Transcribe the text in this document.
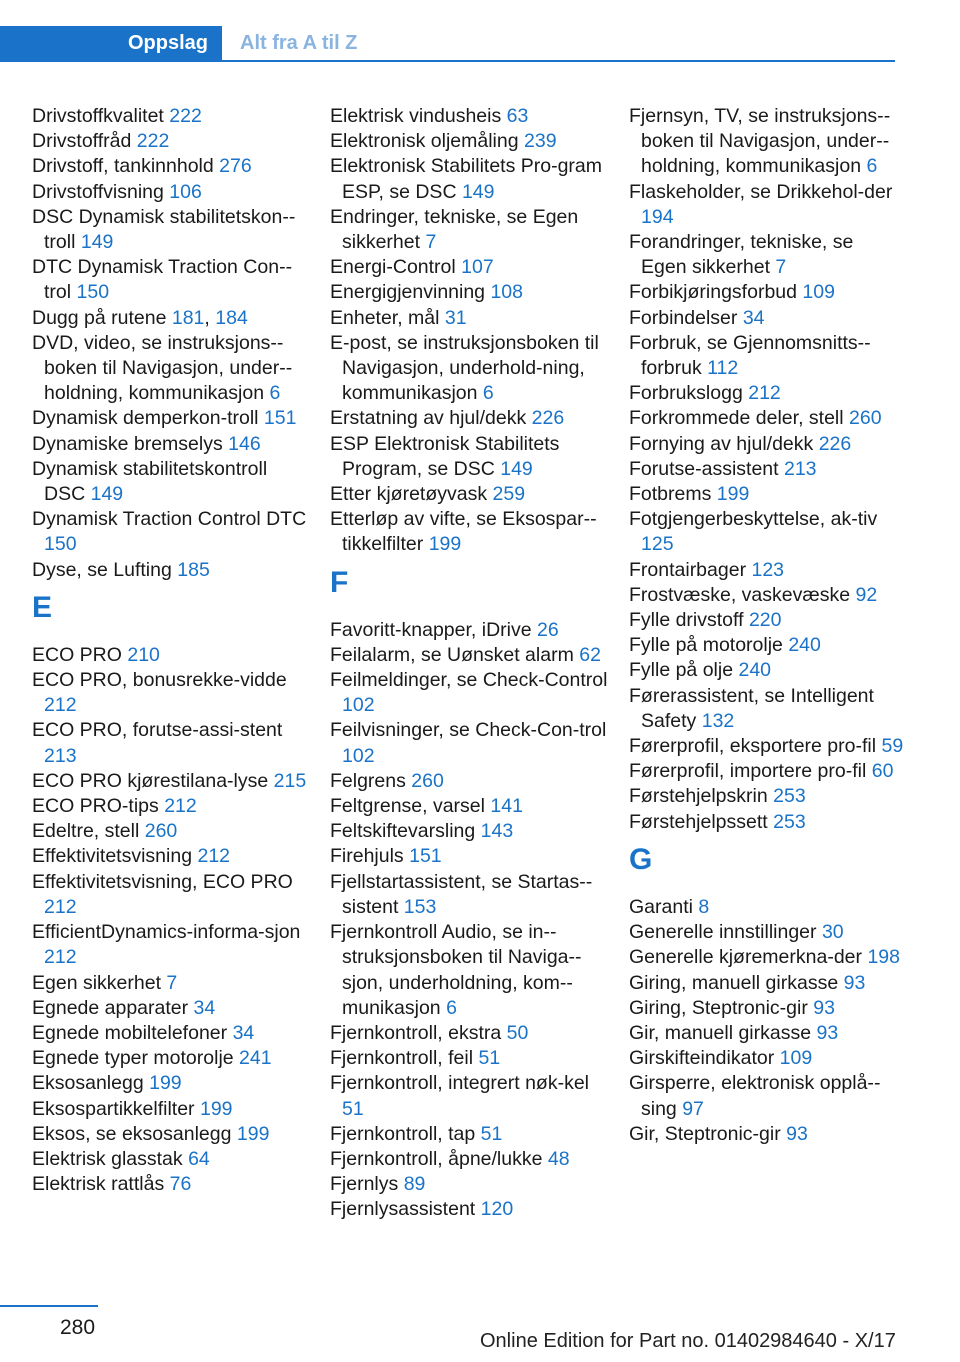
Oppslag	Alt fra A til Z

Drivstoffkvalitet 222

Drivstoffråd 222

Drivstoff, tankinnhold 276

Drivstoffvisning 106

DSC Dynamisk stabilitetskon-troll 149

DTC Dynamisk Traction Con-trol 150

Dugg på rutene 181, 184

DVD, video, se instruksjons-boken til Navigasjon, under-holdning, kommunikasjon 6

Dynamisk demperkon-troll 151

Dynamiske bremselys 146

Dynamisk stabilitetskontroll DSC 149

Dynamisk Traction Control DTC 150

Dyse, se Lufting 185

E

ECO PRO 210

ECO PRO, bonusrekke-vidde 212

ECO PRO, forutse-assi-stent 213

ECO PRO kjørestilana-lyse 215

ECO PRO-tips 212

Edeltre, stell 260

Effektivitetsvisning 212

Effektivitetsvisning, ECO PRO 212

EfficientDynamics-informa-sjon 212

Egen sikkerhet 7

Egnede apparater 34

Egnede mobiltelefoner 34

Egnede typer motorolje 241

Eksosanlegg 199

Eksospartikkelfilter 199

Eksos, se eksosanlegg 199

Elektrisk glasstak 64

Elektrisk rattlås 76

Elektrisk vindusheis 63

Elektronisk oljemåling 239

Elektronisk Stabilitets Pro-gram ESP, se DSC 149

Endringer, tekniske, se Egen sikkerhet 7

Energi-Control 107

Energigjenvinning 108

Enheter, mål 31

E-post, se instruksjonsboken til Navigasjon, underhold-ning, kommunikasjon 6

Erstatning av hjul/dekk 226

ESP Elektronisk Stabilitets Program, se DSC 149

Etter kjøretøyvask 259

Etterløp av vifte, se Eksospar-tikkelfilter 199

F

Favoritt-knapper, iDrive 26

Feilalarm, se Uønsket alarm 62

Feilmeldinger, se Check-Control 102

Feilvisninger, se Check-Con-trol 102

Felgrens 260

Feltgrense, varsel 141

Feltskiftevarsling 143

Firehjuls 151

Fjellstartassistent, se Startas-sistent 153

Fjernkontroll Audio, se in-struksjonsboken til Naviga-sjon, underholdning, kom-munikasjon 6

Fjernkontroll, ekstra 50

Fjernkontroll, feil 51

Fjernkontroll, integrert nøk-kel 51

Fjernkontroll, tap 51

Fjernkontroll, åpne/lukke 48

Fjernlys 89

Fjernlysassistent 120

Fjernsyn, TV, se instruksjons-boken til Navigasjon, under-holdning, kommunikasjon 6

Flaskeholder, se Drikkehol-der 194

Forandringer, tekniske, se Egen sikkerhet 7

Forbikjøringsforbud 109

Forbindelser 34

Forbruk, se Gjennomsnitts-forbruk 112

Forbrukslogg 212

Forkrommede deler, stell 260

Fornying av hjul/dekk 226

Forutse-assistent 213

Fotbrems 199

Fotgjengerbeskyttelse, ak-tiv 125

Frontairbager 123

Frostvæske, vaskevæske 92

Fylle drivstoff 220

Fylle på motorolje 240

Fylle på olje 240

Førerassistent, se Intelligent Safety 132

Førerprofil, eksportere pro-fil 59

Førerprofil, importere pro-fil 60

Førstehjelpskrin 253

Førstehjelpssett 253

G

Garanti 8

Generelle innstillinger 30

Generelle kjøremerkna-der 198

Giring, manuell girkasse 93

Giring, Steptronic-gir 93

Gir, manuell girkasse 93

Girskifteindikator 109

Girsperre, elektronisk opplå-sing 97

Gir, Steptronic-gir 93

280
Online Edition for Part no. 01402984640 - X/17
